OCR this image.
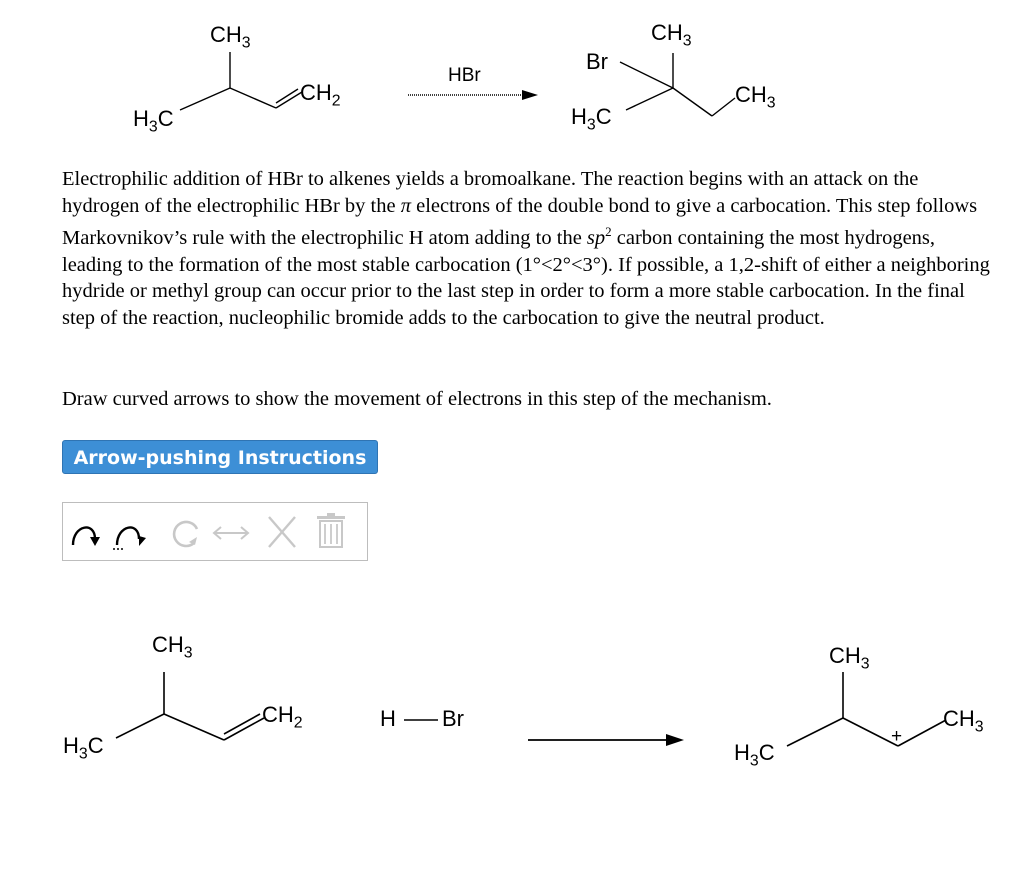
$CH_3$
$CH_2$
$H_3C$
HBr
$CH_3$
Br
$CH_3$
$H_3C$

Electrophilic addition of HBr to alkenes yields a bromoalkane. The reaction begins with an attack on the hydrogen of the electrophilic HBr by the π electrons of the double bond to give a carbocation. This step follows Markovnikov’s rule with the electrophilic H atom adding to the $sp^2$ carbon containing the most hydrogens, leading to the formation of the most stable carbocation (1°<2°<3°). If possible, a 1,2-shift of either a neighboring hydride or methyl group can occur prior to the last step in order to form a more stable carbocation. In the final step of the reaction, nucleophilic bromide adds to the carbocation to give the neutral product.

Draw curved arrows to show the movement of electrons in this step of the mechanism.

Arrow-pushing Instructions
$CH_3$
$CH_2$
$H_3C$
H Br
$CH_3$
$CH_3$
$H_3C$
+
